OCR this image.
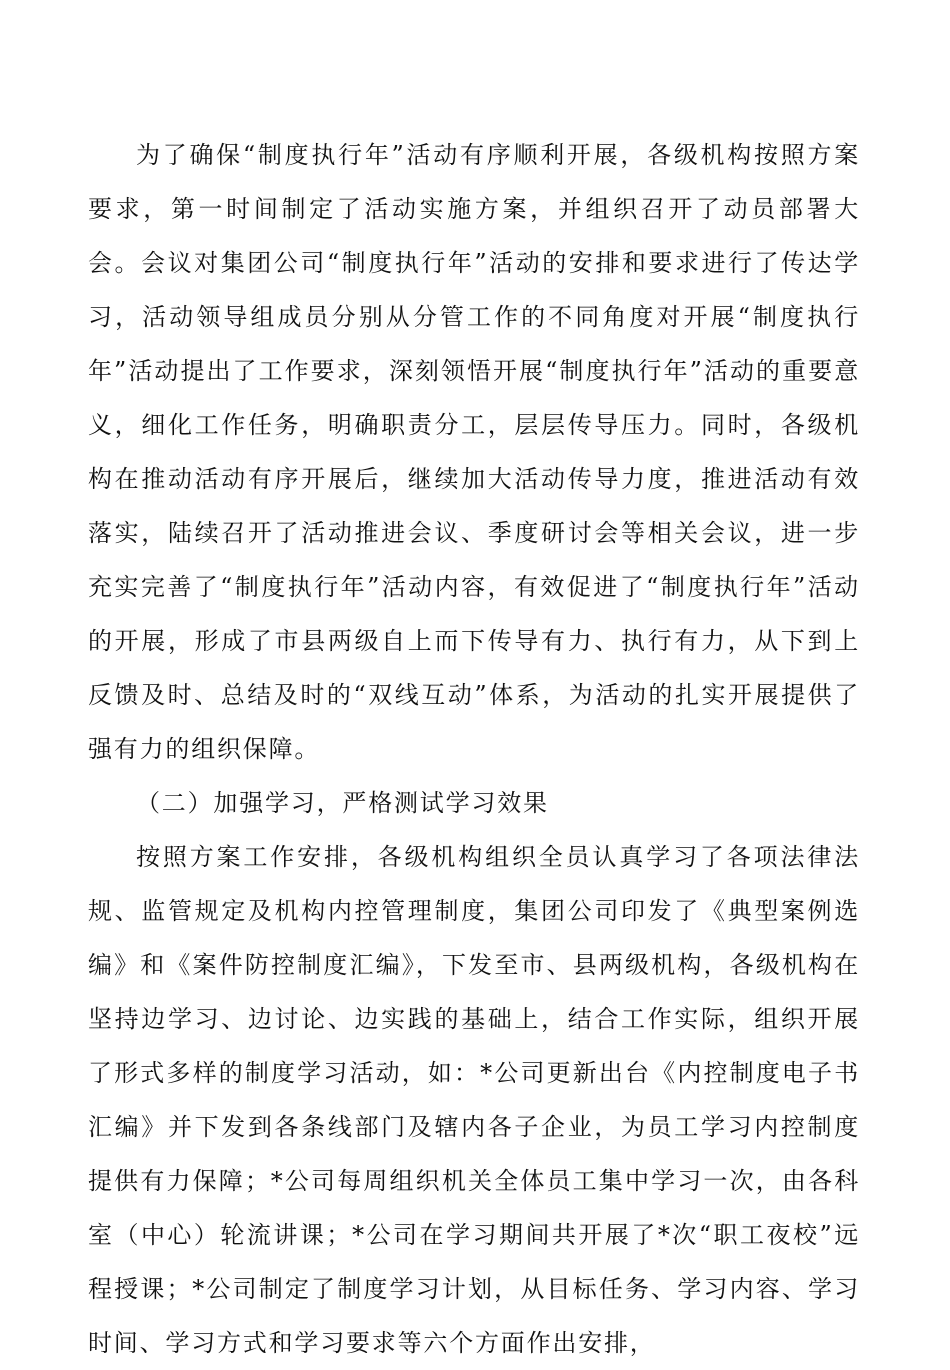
为了确保“制度执行年”活动有序顺利开展，各级机构按照方案要求，第一时间制定了活动实施方案，并组织召开了动员部署大会。会议对集团公司“制度执行年”活动的安排和要求进行了传达学习，活动领导组成员分别从分管工作的不同角度对开展“制度执行年”活动提出了工作要求，深刻领悟开展“制度执行年”活动的重要意义，细化工作任务，明确职责分工，层层传导压力。同时，各级机构在推动活动有序开展后，继续加大活动传导力度，推进活动有效落实，陆续召开了活动推进会议、季度研讨会等相关会议，进一步充实完善了“制度执行年”活动内容，有效促进了“制度执行年”活动的开展，形成了市县两级自上而下传导有力、执行有力，从下到上反馈及时、总结及时的“双线互动”体系，为活动的扎实开展提供了强有力的组织保障。

（二）加强学习，严格测试学习效果

按照方案工作安排，各级机构组织全员认真学习了各项法律法规、监管规定及机构内控管理制度，集团公司印发了《典型案例选编》和《案件防控制度汇编》，下发至市、县两级机构，各级机构在坚持边学习、边讨论、边实践的基础上，结合工作实际，组织开展了形式多样的制度学习活动，如：*公司更新出台《内控制度电子书汇编》并下发到各条线部门及辖内各子企业，为员工学习内控制度提供有力保障；*公司每周组织机关全体员工集中学习一次，由各科室（中心）轮流讲课；*公司在学习期间共开展了*次“职工夜校”远程授课；*公司制定了制度学习计划，从目标任务、学习内容、学习时间、学习方式和学习要求等六个方面作出安排，
